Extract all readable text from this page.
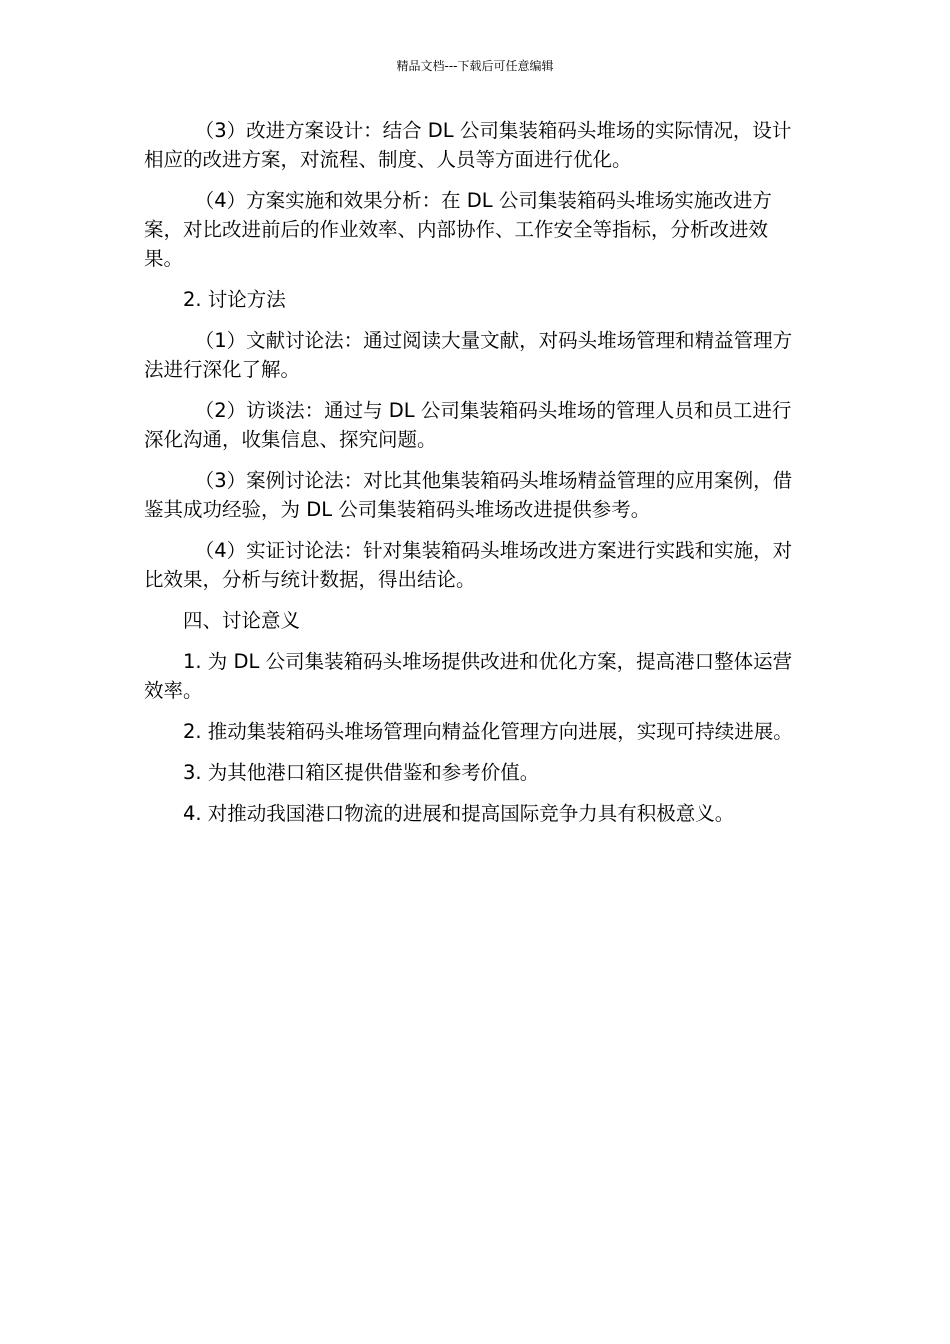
精品文档---下载后可任意编辑

（3）改进方案设计：结合 DL 公司集装箱码头堆场的实际情况，设计相应的改进方案，对流程、制度、人员等方面进行优化。

（4）方案实施和效果分析：在 DL 公司集装箱码头堆场实施改进方案，对比改进前后的作业效率、内部协作、工作安全等指标，分析改进效果。

2. 讨论方法

（1）文献讨论法：通过阅读大量文献，对码头堆场管理和精益管理方法进行深化了解。

（2）访谈法：通过与 DL 公司集装箱码头堆场的管理人员和员工进行深化沟通，收集信息、探究问题。

（3）案例讨论法：对比其他集装箱码头堆场精益管理的应用案例，借鉴其成功经验，为 DL 公司集装箱码头堆场改进提供参考。

（4）实证讨论法：针对集装箱码头堆场改进方案进行实践和实施，对比效果，分析与统计数据，得出结论。

四、讨论意义

1. 为 DL 公司集装箱码头堆场提供改进和优化方案，提高港口整体运营效率。

2. 推动集装箱码头堆场管理向精益化管理方向进展，实现可持续进展。

3. 为其他港口箱区提供借鉴和参考价值。

4. 对推动我国港口物流的进展和提高国际竞争力具有积极意义。
